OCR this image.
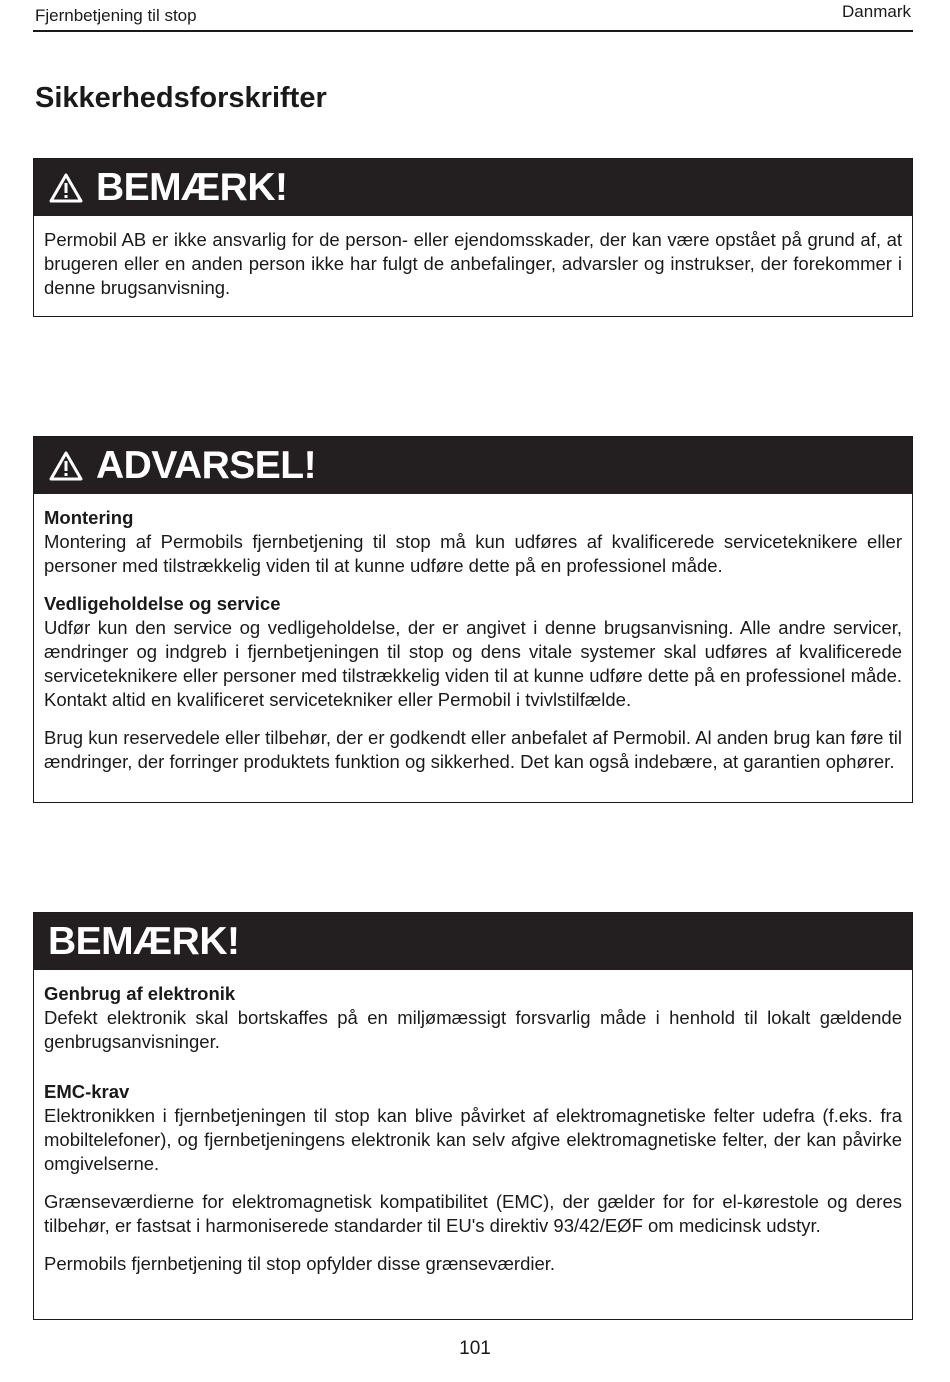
Fjernbetjening til stop	Danmark
Sikkerhedsforskrifter
BEMÆRK!

Permobil AB er ikke ansvarlig for de person- eller ejendomsskader, der kan være opstået på grund af, at brugeren eller en anden person ikke har fulgt de anbefalinger, advarsler og instrukser, der forekommer i denne brugsanvisning.

ADVARSEL!

Montering

Montering af Permobils fjernbetjening til stop må kun udføres af kvalificerede serviceteknikere eller personer med tilstrækkelig viden til at kunne udføre dette på en professionel måde.

Vedligeholdelse og service

Udfør kun den service og vedligeholdelse, der er angivet i denne brugsanvisning. Alle andre servicer, ændringer og indgreb i fjernbetjeningen til stop og dens vitale systemer skal udføres af kvalificerede serviceteknikere eller personer med tilstrækkelig viden til at kunne udføre dette på en professionel måde. Kontakt altid en kvalificeret servicetekniker eller Permobil i tvivlstilfælde.

Brug kun reservedele eller tilbehør, der er godkendt eller anbefalet af Permobil. Al anden brug kan føre til ændringer, der forringer produktets funktion og sikkerhed. Det kan også indebære, at garantien ophører.

BEMÆRK!

Genbrug af elektronik

Defekt elektronik skal bortskaffes på en miljømæssigt forsvarlig måde i henhold til lokalt gældende genbrugsanvisninger.

EMC-krav

Elektronikken i fjernbetjeningen til stop kan blive påvirket af elektromagnetiske felter udefra (f.eks. fra mobiltelefoner), og fjernbetjeningens elektronik kan selv afgive elektromagnetiske felter, der kan påvirke omgivelserne.

Grænseværdierne for elektromagnetisk kompatibilitet (EMC), der gælder for for el-kørestole og deres tilbehør, er fastsat i harmoniserede standarder til EU's direktiv 93/42/EØF om medicinsk udstyr.

Permobils fjernbetjening til stop opfylder disse grænseværdier.

101
